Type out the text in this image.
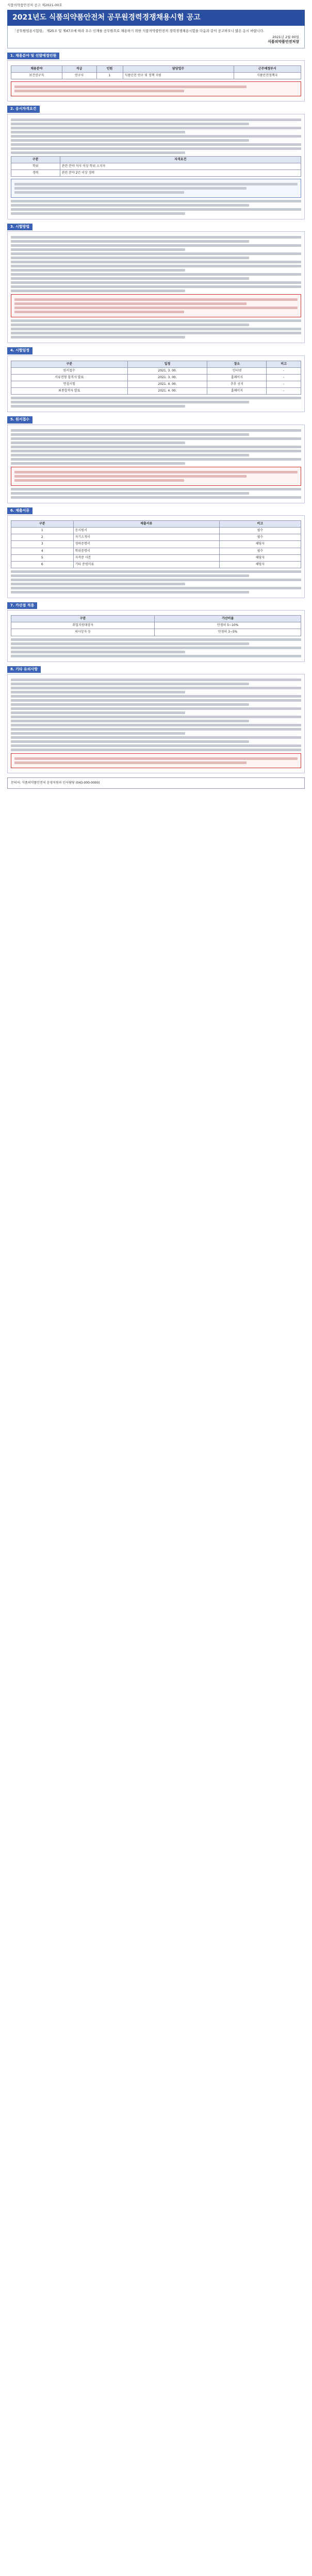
식품의약품안전처 공고 제2021-00호
2021년도 식품의약품안전처 공무원경력경쟁채용시험 공고
「공무원임용시험령」 제25조 및 제47조에 따라 우수 인재를 공무원으로 채용하기 위한 식품의약품안전처 경력경쟁채용시험을 다음과 같이 공고하오니 많은 응시 바랍니다.
2021년 2월 00일
식품의약품안전처장
1. 채용분야 및 선발예정인원
채용분야	직급	인원	담당업무	근무예정부서
보건연구직	연구사	1	식품안전 연구 및 정책 지원	식품안전정책국
2. 응시자격요건
구분	자격요건
학위	관련 분야 석사 이상 학위 소지자
경력	관련 분야 2년 이상 경력
3. 시험방법
4. 시험일정
구분	일정	장소	비고
원서접수	2021. 3. 00.	인터넷	-
서류전형 합격자 발표	2021. 3. 00.	홈페이지	-
면접시험	2021. 4. 00.	추후 공지	-
최종합격자 발표	2021. 4. 00.	홈페이지	-
5. 원서접수
6. 제출서류
구분	제출서류	비고
1	응시원서	필수
2	자기소개서	필수
3	경력증명서	해당자
4	학위증명서	필수
5	자격증 사본	해당자
6	기타 증빙서류	해당자
7. 가산점 적용
구분	가산비율
취업지원대상자	만점의 5~10%
의사상자 등	만점의 3~5%
8. 기타 유의사항
문의처: 식품의약품안전처 운영지원과 인사담당 (043-000-0000)
